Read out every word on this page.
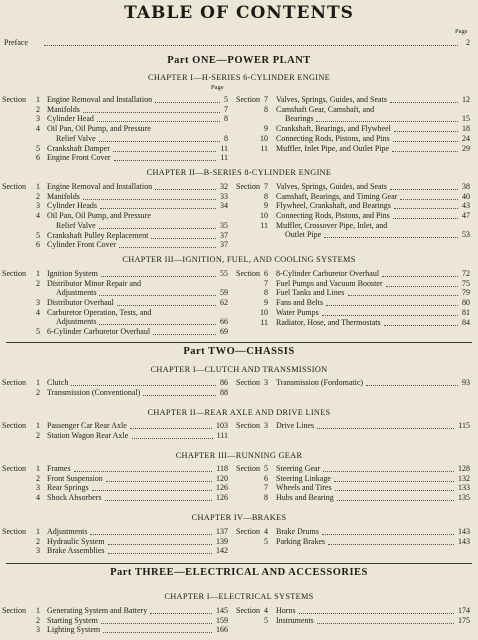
TABLE OF CONTENTS
Page
Preface	2
Part ONE—POWER PLANT
Part TWO—CHASSIS
Part THREE—ELECTRICAL AND ACCESSORIES
Page
CHAPTER I—H-SERIES 6-CYLINDER ENGINE
Section 1 Engine Removal and Installation	5
2 Manifolds	7
3 Cylinder Head	8
4 Oil Pan, Oil Pump, and Pressure
Relief Valve	8
5 Crankshaft Damper	11
6 Engine Front Cover	11
Section 7 Valves, Springs, Guides, and Seats	12
8 Camshaft Gear, Camshaft, and
Bearings	15
9 Crankshaft, Bearings, and Flywheel	18
10 Connecting Rods, Pistons, and Pins	24
11 Muffler, Inlet Pipe, and Outlet Pipe	29
CHAPTER II—B-SERIES 8-CYLINDER ENGINE
Section 1 Engine Removal and Installation	32
2 Manifolds	33
3 Cylinder Heads	34
4 Oil Pan, Oil Pump, and Pressure
Relief Valve	35
5 Crankshaft Pulley Replacement	37
6 Cylinder Front Cover	37
Section 7 Valves, Springs, Guides, and Seats	38
8 Camshaft, Bearings, and Timing Gear	40
9 Flywheel, Crankshaft, and Bearings	43
10 Connecting Rods, Pistons, and Pins	47
11 Muffler, Crossover Pipe, Inlet, and
Outlet Pipe	53
CHAPTER III—IGNITION, FUEL, AND COOLING SYSTEMS
Section 1 Ignition System	55
2 Distributor Minor Repair and
Adjustments	59
3 Distributor Overhaul	62
4 Carburetor Operation, Tests, and
Adjustments	66
5 6-Cylinder Carburetor Overhaul	69
Section 6 8-Cylinder Carburetor Overhaul	72
7 Fuel Pumps and Vacuum Booster	75
8 Fuel Tanks and Lines	79
9 Fans and Belts	80
10 Water Pumps	81
11 Radiator, Hose, and Thermostats	84
CHAPTER I—CLUTCH AND TRANSMISSION
Section 1 Clutch	86
2 Transmission (Conventional)	88
Section 3 Transmission (Fordomatic)	93
CHAPTER II—REAR AXLE AND DRIVE LINES
Section 1 Passenger Car Rear Axle	103
2 Station Wagon Rear Axle	111
Section 3 Drive Lines	115
CHAPTER III—RUNNING GEAR
Section 1 Frames	118
2 Front Suspension	120
3 Rear Springs	126
4 Shock Absorbers	126
Section 5 Steering Gear	128
6 Steering Linkage	132
7 Wheels and Tires	133
8 Hubs and Bearing	135
CHAPTER IV—BRAKES
Section 1 Adjustments	137
2 Hydraulic System	139
3 Brake Assemblies	142
Section 4 Brake Drums	143
5 Parking Brakes	143
CHAPTER I—ELECTRICAL SYSTEMS
Section 1 Generating System and Battery	145
2 Starting System	159
3 Lighting System	166
Section 4 Horns	174
5 Instruments	175
